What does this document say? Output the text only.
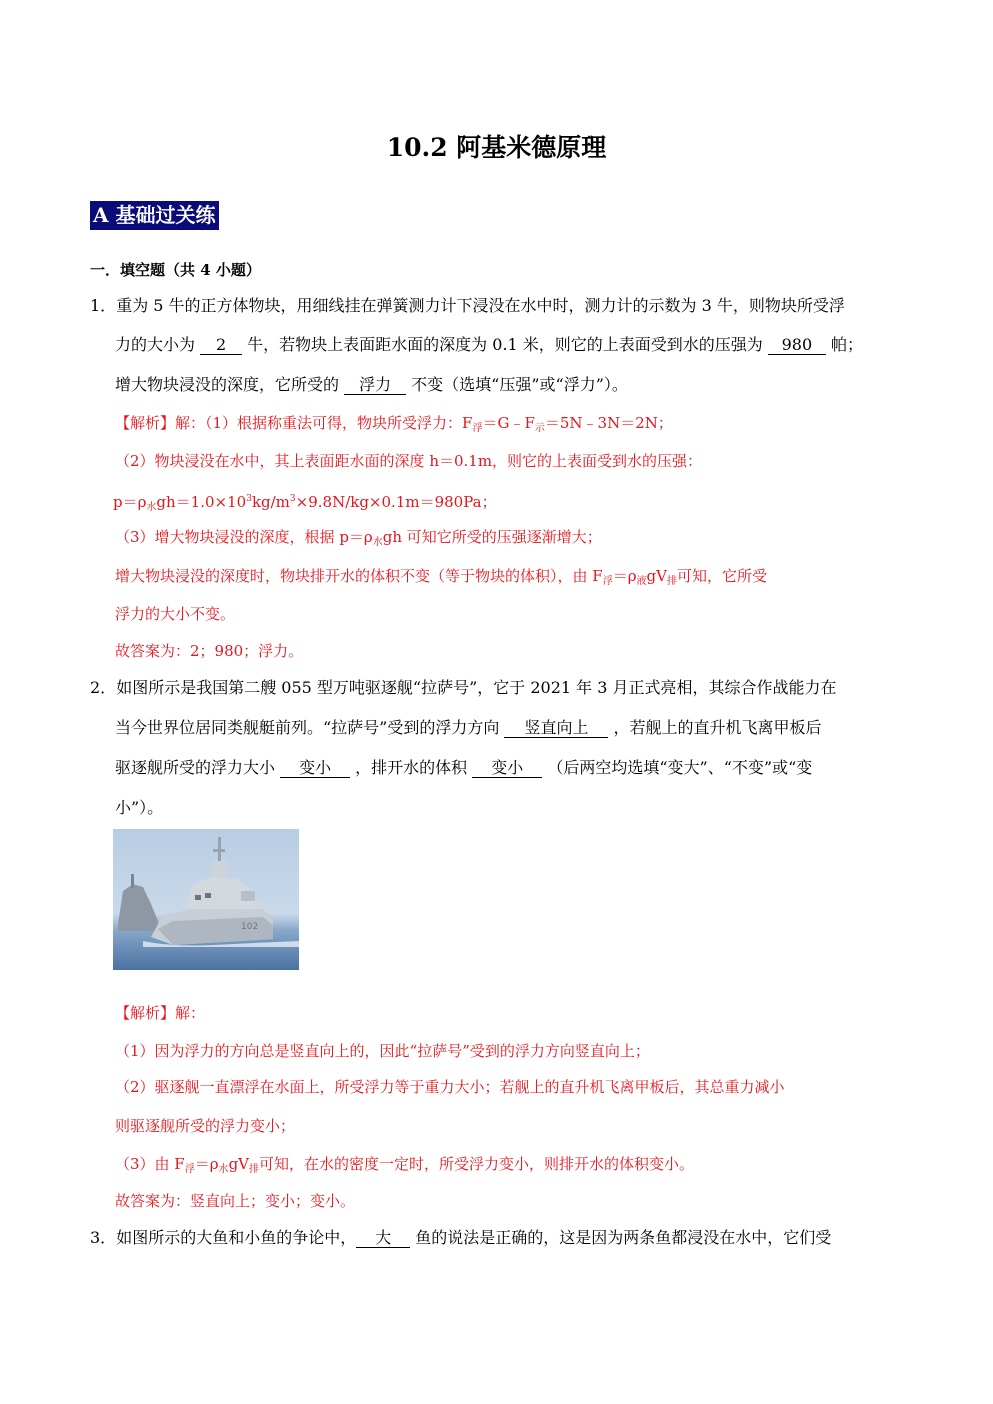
10.2 阿基米德原理
A 基础过关练
一．填空题（共 4 小题）
1．重为 5 牛的正方体物块，用细线挂在弹簧测力计下浸没在水中时，测力计的示数为 3 牛，则物块所受浮
力的大小为 2 牛，若物块上表面距水面的深度为 0.1 米，则它的上表面受到水的压强为 980 帕；
增大物块浸没的深度，它所受的 浮力 不变（选填“压强”或“浮力”）。
【解析】解：（1）根据称重法可得，物块所受浮力：$F_浮=G﹣F_示=5N﹣3N=2N$；
（2）物块浸没在水中，其上表面距水面的深度 h＝0.1m，则它的上表面受到水的压强：
$p=\rho_水gh=1.0\times 10^3kg/m^3\times 9.8N/kg\times 0.1m=980Pa$；
（3）增大物块浸没的深度，根据 $p=\rho_水gh$ 可知它所受的压强逐渐增大；
增大物块浸没的深度时，物块排开水的体积不变（等于物块的体积），由 $F_浮=\rho_液gV_排$可知，它所受
浮力的大小不变。
故答案为：2；980；浮力。
2．如图所示是我国第二艘 055 型万吨驱逐舰“拉萨号”，它于 2021 年 3 月正式亮相，其综合作战能力在
当今世界位居同类舰艇前列。“拉萨号”受到的浮力方向 竖直向上 ，若舰上的直升机飞离甲板后
驱逐舰所受的浮力大小 变小 ，排开水的体积 变小 （后两空均选填“变大”、“不变”或“变
小”）。
102
【解析】解：
（1）因为浮力的方向总是竖直向上的，因此“拉萨号”受到的浮力方向竖直向上；
（2）驱逐舰一直漂浮在水面上，所受浮力等于重力大小；若舰上的直升机飞离甲板后，其总重力减小
则驱逐舰所受的浮力变小；
（3）由 $F_浮=\rho_水gV_排$可知，在水的密度一定时，所受浮力变小，则排开水的体积变小。
故答案为：竖直向上；变小；变小。
3．如图所示的大鱼和小鱼的争论中， 大 鱼的说法是正确的，这是因为两条鱼都浸没在水中，它们受
